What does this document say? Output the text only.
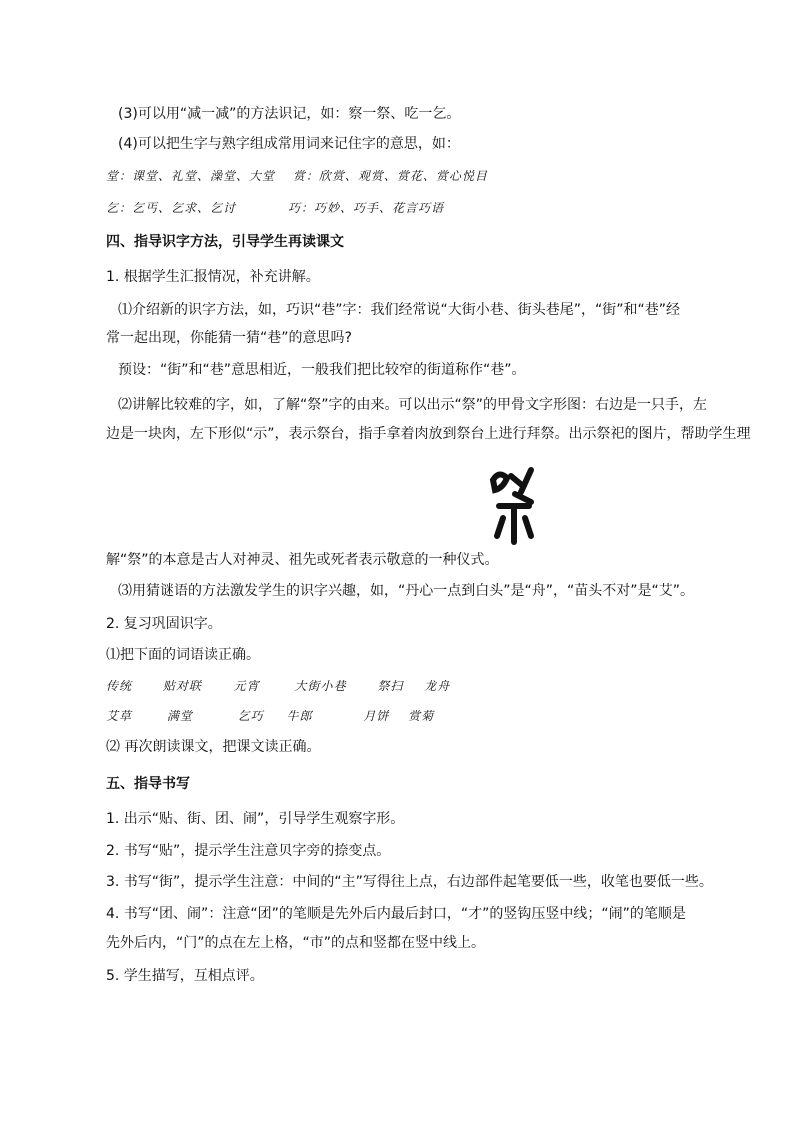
(3)可以用“减一减”的方法识记，如：察一祭、吃一乞。
(4)可以把生字与熟字组成常用词来记住字的意思，如：
堂：课堂、礼堂、澡堂、大堂　 赏：欣赏、观赏、赏花、赏心悦目
乞：乞丐、乞求、乞讨　　　　巧：巧妙、巧手、花言巧语
四、指导识字方法，引导学生再读课文
1. 根据学生汇报情况，补充讲解。
⑴介绍新的识字方法，如，巧识“巷”字：我们经常说“大街小巷、街头巷尾”，“街”和“巷”经
常一起出现，你能猜一猜“巷”的意思吗?
预设：“街”和“巷”意思相近，一般我们把比较窄的街道称作“巷”。
⑵讲解比较难的字，如，了解“祭”字的由来。可以出示“祭”的甲骨文字形图：右边是一只手，左
边是一块肉，左下形似“示”，表示祭台，指手拿着肉放到祭台上进行拜祭。出示祭祀的图片，帮助学生理
解“祭”的本意是古人对神灵、祖先或死者表示敬意的一种仪式。
⑶用猜谜语的方法激发学生的识字兴趣，如，“丹心一点到白头”是“舟”，“苗头不对”是“艾”。
2. 复习巩固识字。
⑴把下面的词语读正确。
传统	贴对联	元宵	大街小巷	祭扫 龙舟
艾草	满堂	乞巧 牛郎	月饼 赏菊
⑵ 再次朗读课文，把课文读正确。
五、指导书写
1. 出示“贴、街、团、闹”，引导学生观察字形。
2. 书写“贴”，提示学生注意贝字旁的捺变点。
3. 书写“街”，提示学生注意：中间的“主”写得往上点，右边部件起笔要低一些，收笔也要低一些。
4. 书写“团、闹”：注意“团”的笔顺是先外后内最后封口，“才”的竖钩压竖中线；“闹”的笔顺是
先外后内，“门”的点在左上格，“市”的点和竖都在竖中线上。
5. 学生描写，互相点评。
